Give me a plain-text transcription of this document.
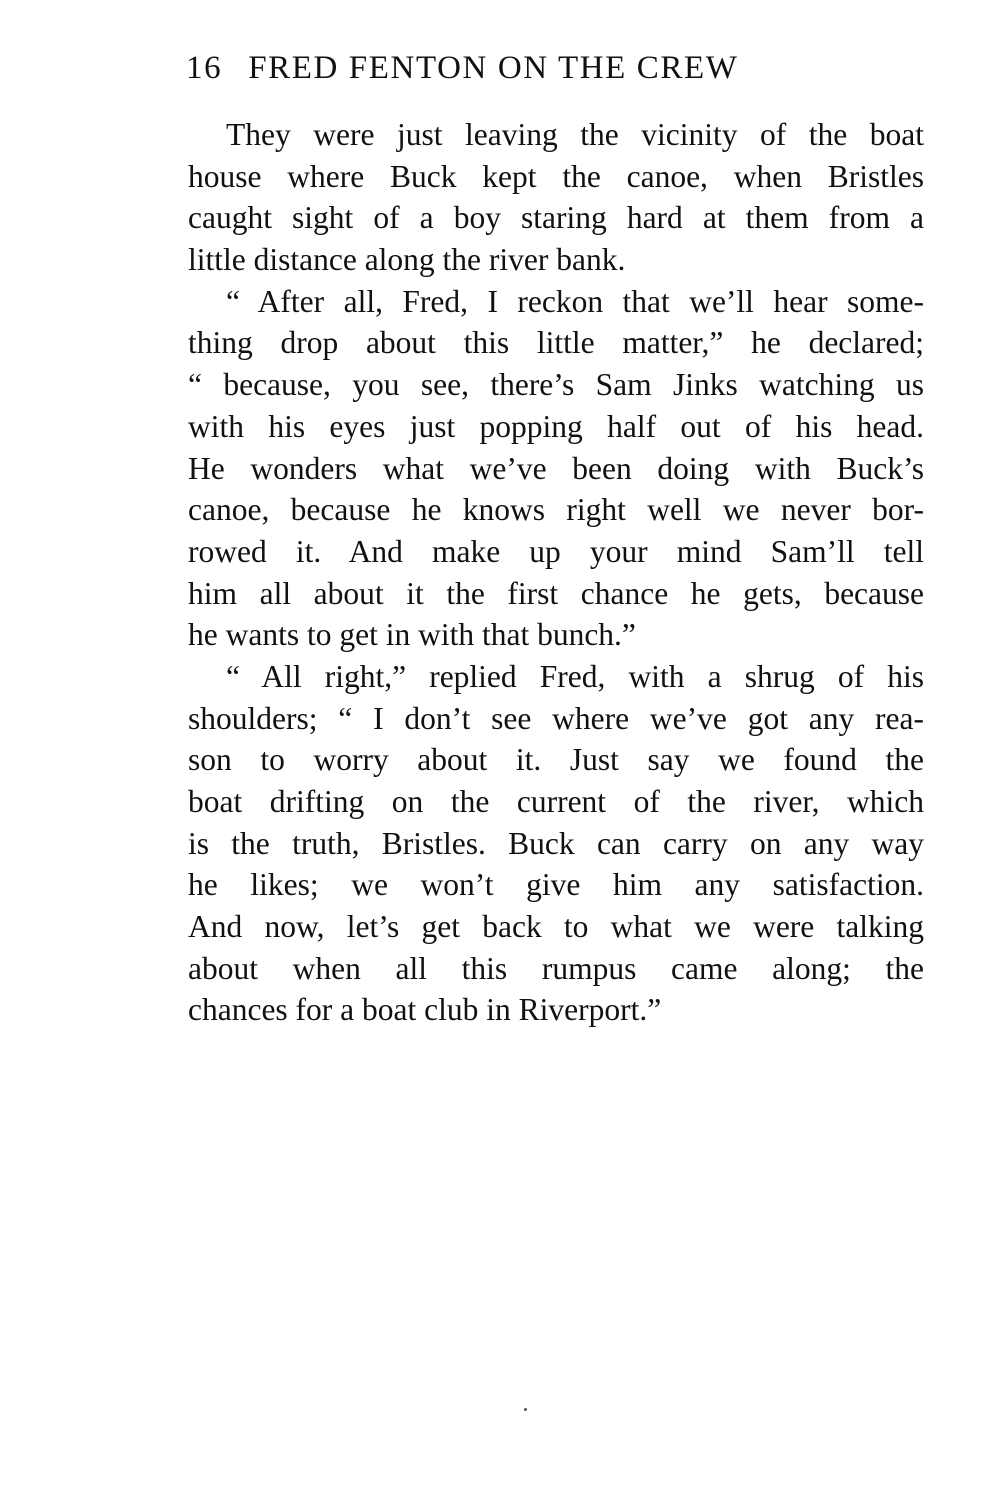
16 FRED FENTON ON THE CREW
They were just leaving the vicinity of the boat
house where Buck kept the canoe, when Bristles
caught sight of a boy staring hard at them from a
little distance along the river bank.
“ After all, Fred, I reckon that we’ll hear some-
thing drop about this little matter,” he declared;
“ because, you see, there’s Sam Jinks watching us
with his eyes just popping half out of his head.
He wonders what we’ve been doing with Buck’s
canoe, because he knows right well we never bor-
rowed it. And make up your mind Sam’ll tell
him all about it the first chance he gets, because
he wants to get in with that bunch.”
“ All right,” replied Fred, with a shrug of his
shoulders; “ I don’t see where we’ve got any rea-
son to worry about it. Just say we found the
boat drifting on the current of the river, which
is the truth, Bristles. Buck can carry on any way
he likes; we won’t give him any satisfaction.
And now, let’s get back to what we were talking
about when all this rumpus came along; the
chances for a boat club in Riverport.”
